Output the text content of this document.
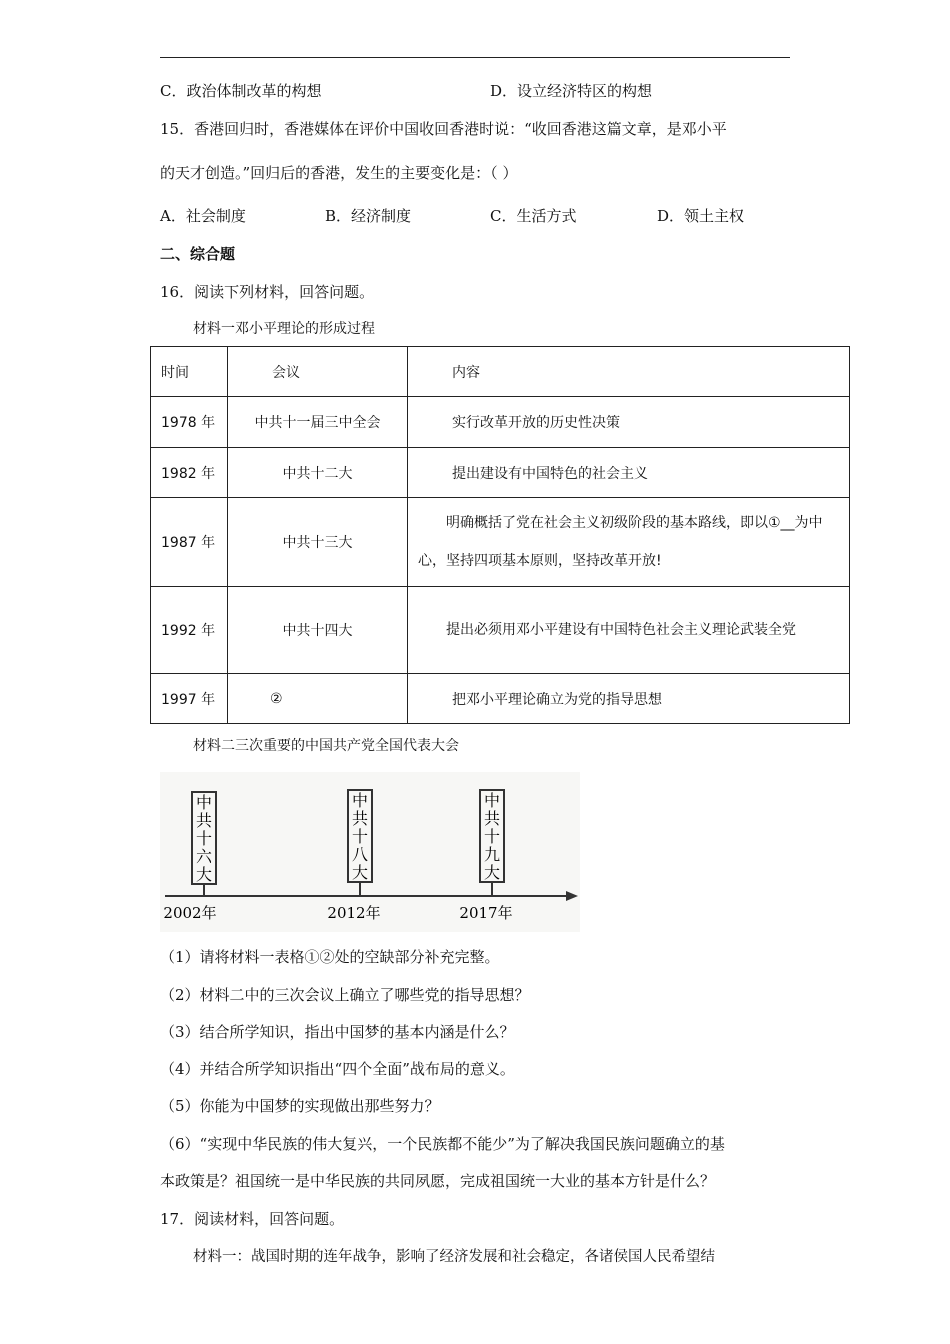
C．政治体制改革的构想	D．设立经济特区的构想
15．香港回归时，香港媒体在评价中国收回香港时说：“收回香港这篇文章，是邓小平
的天才创造。”回归后的香港，发生的主要变化是：（ ）
A．社会制度	B．经济制度	C．生活方式	D．领土主权
二、综合题
16．阅读下列材料，回答问题。
材料一邓小平理论的形成过程
时间	会议	内容
1978 年	中共十一届三中全会	实行改革开放的历史性决策
1982 年	中共十二大	提出建设有中国特色的社会主义
1987 年	中共十三大	明确概括了党在社会主义初级阶段的基本路线，即以①__为中心，坚持四项基本原则，坚持改革开放!
1992 年	中共十四大	提出必须用邓小平建设有中国特色社会主义理论武装全党
1997 年	②	把邓小平理论确立为党的指导思想
材料二三次重要的中国共产党全国代表大会
中
共
十
六
大
2002年
中
共
十
八
大
2012年
中
共
十
九
大
2017年
（1）请将材料一表格①②处的空缺部分补充完整。
（2）材料二中的三次会议上确立了哪些党的指导思想？
（3）结合所学知识，指出中国梦的基本内涵是什么？
（4）并结合所学知识指出“四个全面”战布局的意义。
（5）你能为中国梦的实现做出那些努力？
（6）“实现中华民族的伟大复兴，一个民族都不能少”为了解决我国民族问题确立的基
本政策是？祖国统一是中华民族的共同夙愿，完成祖国统一大业的基本方针是什么？
17．阅读材料，回答问题。
材料一：战国时期的连年战争，影响了经济发展和社会稳定，各诸侯国人民希望结
